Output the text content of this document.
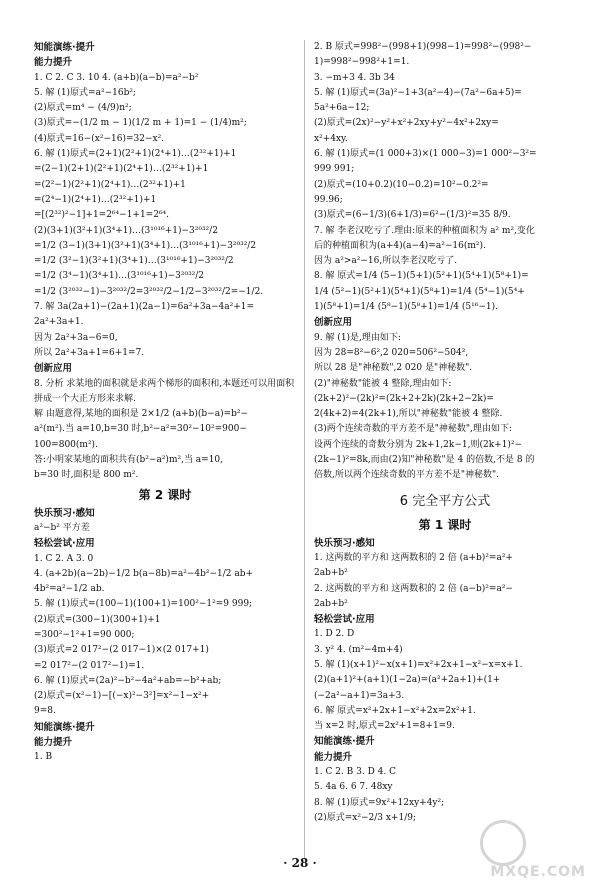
知能演练·提升
能力提升
1. C 2. C 3. 10 4. (a+b)(a−b)=a²−b²
5. 解 (1)原式=a²−16b²;
(2)原式=m⁴ − (4/9)n²;
(3)原式=−(1/2 m − 1)(1/2 m + 1)=1 − (1/4)m²;
(4)原式=16−(x²−16)=32−x².
6. 解 (1)原式=(2+1)(2²+1)(2⁴+1)…(2³²+1)+1
=(2−1)(2+1)(2²+1)(2⁴+1)…(2³²+1)+1
=(2²−1)(2²+1)(2⁴+1)…(2³²+1)+1
=(2⁴−1)(2⁴+1)…(2³²+1)+1
=[(2³²)²−1]+1=2⁶⁴−1+1=2⁶⁴.
(2)(3+1)(3²+1)(3⁴+1)…(3¹⁰¹⁶+1)−3²⁰³²/2
=1/2 (3−1)(3+1)(3²+1)(3⁴+1)…(3¹⁰¹⁶+1)−3²⁰³²/2
=1/2 (3²−1)(3²+1)(3⁴+1)…(3¹⁰¹⁶+1)−3²⁰³²/2
=1/2 (3⁴−1)(3⁴+1)…(3¹⁰¹⁶+1)−3²⁰³²/2
=1/2 (3²⁰³²−1)−3²⁰³²/2=3²⁰³²/2−1/2−3²⁰³²/2=−1/2.
7. 解 3a(2a+1)−(2a+1)(2a−1)=6a²+3a−4a²+1=
2a²+3a+1.
因为 2a²+3a−6=0,
所以 2a²+3a+1=6+1=7.
创新应用
8. 分析 求某地的面积就是求两个梯形的面积和,本题还可以用面积拼成一个大正方形来求解.
解 由题意得,某地的面积是 2×1/2 (a+b)(b−a)=b²−
a²(m²).当 a=10,b=30 时,b²−a²=30²−10²=900−
100=800(m²).
答:小明家某地的面积共有(b²−a²)m²,当 a=10,
b=30 时,面积是 800 m².
第 2 课时
快乐预习·感知
a²−b² 平方差
轻松尝试·应用
1. C 2. A 3. 0
4. (a+2b)(a−2b)−1/2 b(a−8b)=a²−4b²−1/2 ab+
4b²=a²−1/2 ab.
5. 解 (1)原式=(100−1)(100+1)=100²−1²=9 999;
(2)原式=(300−1)(300+1)+1
=300²−1²+1=90 000;
(3)原式=2 017²−(2 017−1)×(2 017+1)
=2 017²−(2 017²−1)=1.
6. 解 (1)原式=(2a)²−b²−4a²+ab=−b²+ab;
(2)原式=(x²−1)−[(−x)²−3²]=x²−1−x²+
9=8.
知能演练·提升
能力提升
1. B
2. B 原式=998²−(998+1)(998−1)=998²−(998²−
1)=998²−998²+1=1.
3. −m+3 4. 3b 34
5. 解 (1)原式=(3a)²−1+3(a²−4)−(7a²−6a+5)=
5a²+6a−12;
(2)原式=(2x)²−y²+x²+2xy+y²−4x²+2xy=
x²+4xy.
6. 解 (1)原式=(1 000+3)×(1 000−3)=1 000²−3²=
999 991;
(2)原式=(10+0.2)(10−0.2)=10²−0.2²=
99.96;
(3)原式=(6−1/3)(6+1/3)=6²−(1/3)²=35 8/9.
7. 解 李老汉吃亏了.理由:原来的种植面积为 a² m²,变化
后的种植面积为(a+4)(a−4)=a²−16(m²).
因为 a²>a²−16,所以李老汉吃亏了.
8. 解 原式=1/4 (5−1)(5+1)(5²+1)(5⁴+1)(5⁸+1)=
1/4 (5²−1)(5²+1)(5⁴+1)(5⁸+1)=1/4 (5⁴−1)(5⁴+
1)(5⁸+1)=1/4 (5⁸−1)(5⁸+1)=1/4 (5¹⁶−1).
创新应用
9. 解 (1)是,理由如下:
因为 28=8²−6²,2 020=506²−504²,
所以 28 是"神秘数",2 020 是"神秘数".
(2)"神秘数"能被 4 整除,理由如下:
(2k+2)²−(2k)²=(2k+2+2k)(2k+2−2k)=
2(4k+2)=4(2k+1),所以"神秘数"能被 4 整除.
(3)两个连续奇数的平方差不是"神秘数",理由如下:
设两个连续的奇数分别为 2k+1,2k−1,则(2k+1)²−
(2k−1)²=8k,而由(2)知"神秘数"是 4 的倍数,不是 8 的
倍数,所以两个连续奇数的平方差不是"神秘数".
6 完全平方公式
第 1 课时
快乐预习·感知
1. 这两数的平方和 这两数积的 2 倍 (a+b)²=a²+
2ab+b²
2. 这两数的平方和 这两数积的 2 倍 (a−b)²=a²−
2ab+b²
轻松尝试·应用
1. D 2. D
3. y² 4. (m²−4m+4)
5. 解 (1)(x+1)²−x(x+1)=x²+2x+1−x²−x=x+1.
(2)(a+1)²+(a+1)(1−2a)=(a²+2a+1)+(1+
(−2a²−a+1)=3a+3.
6. 解 原式=x²+2x+1−x²+2x=2x²+1.
当 x=2 时,原式=2x²+1=8+1=9.
知能演练·提升
能力提升
1. C 2. B 3. D 4. C
5. 4a 6. 6 7. 48xy
8. 解 (1)原式=9x²+12xy+4y²;
(2)原式=x²−2/3 x+1/9;
· 28 ·
MXQE.COM
